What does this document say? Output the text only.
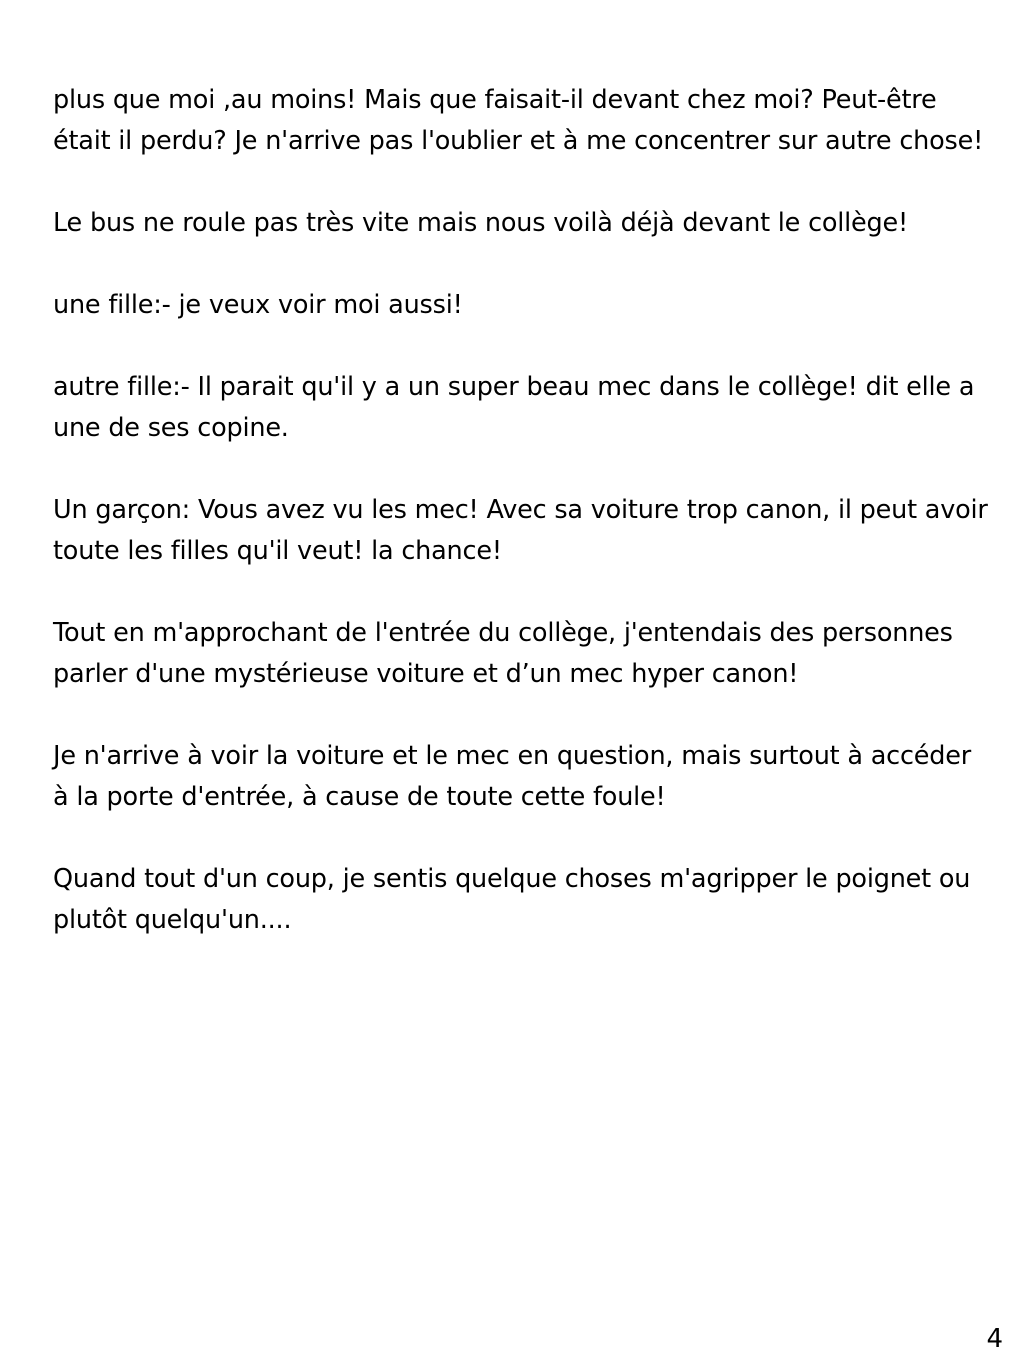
plus que moi ,au moins! Mais que faisait-il devant chez moi? Peut-être était il perdu? Je n'arrive pas l'oublier et à me concentrer sur autre chose!

Le bus ne roule pas très vite mais nous voilà déjà devant le collège!

une fille:- je veux voir moi aussi!

autre fille:- Il parait qu'il y a un super beau mec dans le collège! dit elle a une de ses copine.

Un garçon: Vous avez vu les mec! Avec sa voiture trop canon, il peut avoir toute les filles qu'il veut! la chance!

Tout en m'approchant de l'entrée du collège, j'entendais des personnes parler d'une mystérieuse voiture et d’un mec hyper canon!

Je n'arrive à voir la voiture et le mec en question, mais surtout à accéder à la porte d'entrée, à cause de toute cette foule!

Quand tout d'un coup, je sentis quelque choses m'agripper le poignet ou plutôt quelqu'un....

4
